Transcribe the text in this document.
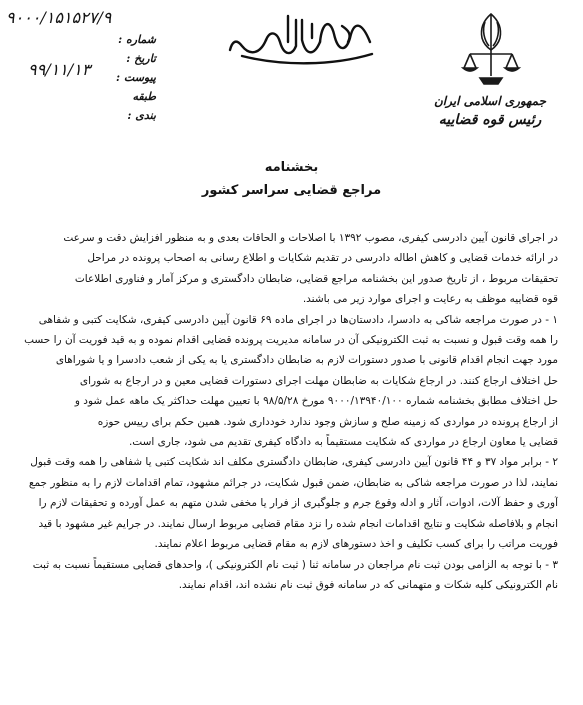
جمهوری اسلامی ایران
رئیس قوه قضاییه
شماره :
تاریخ :
پیوست :
طبقه بندی :
۹۰۰۰/۱۵۱۵۲۷/۹
۹۹/۱۱/۱۳
بخشنامه
مراجع قضایی سراسر کشور
در اجرای قانون آیین دادرسی کیفری، مصوب ۱۳۹۲ با اصلاحات و الحاقات بعدی و به منظور افزایش دقت و سرعت
در ارائه خدمات قضایی و کاهش اطاله دادرسی در تقدیم شکایات و اطلاع رسانی به اصحاب پرونده در مراحل
تحقیقات مربوط ، از تاریخ صدور این بخشنامه مراجع قضایی، ضابطان دادگستری و مرکز آمار و فناوری اطلاعات
قوه قضاییه موظف به رعایت و اجرای موارد زیر می باشند.
۱ - در صورت مراجعه شاکی به دادسرا، دادستان‌ها در اجرای ماده ۶۹ قانون آیین دادرسی کیفری، شکایت کتبی و شفاهی
را همه وقت قبول و نسبت به ثبت الکترونیکی آن در سامانه مدیریت پرونده قضایی اقدام نموده و به قید فوریت آن را حسب
مورد جهت انجام اقدام قانونی با صدور دستورات لازم به ضابطان دادگستری یا به یکی از شعب دادسرا و یا شوراهای
حل اختلاف ارجاع کنند. در ارجاع شکایات به ضابطان مهلت اجرای دستورات قضایی معین و در ارجاع به شورای
حل اختلاف مطابق بخشنامه شماره ۹۰۰۰/۱۳۹۴۰/۱۰۰ مورخ ۹۸/۵/۲۸ با تعیین مهلت حداکثر یک ماهه عمل شود و
از ارجاع پرونده در مواردی که زمینه صلح و سازش وجود ندارد خودداری شود. همین حکم برای رییس حوزه
قضایی یا معاون ارجاع در مواردی که شکایت مستقیماً به دادگاه کیفری تقدیم می شود، جاری است.
۲ - برابر مواد ۳۷ و ۴۴ قانون آیین دادرسی کیفری، ضابطان دادگستری مکلف اند شکایت کتبی یا شفاهی را همه وقت قبول
نمایند، لذا در صورت مراجعه شاکی به ضابطان، ضمن قبول شکایت، در جرائم مشهود، تمام اقدامات لازم را به منظور جمع
آوری و حفظ آلات، ادوات، آثار و ادله وقوع جرم و جلوگیری از فرار یا مخفی شدن متهم به عمل آورده و تحقیقات لازم را
انجام و بلافاصله شکایت و نتایج اقدامات انجام شده را نزد مقام قضایی مربوط ارسال نمایند. در جرایم غیر مشهود با قید
فوریت مراتب را برای کسب تکلیف و اخذ دستورهای لازم به مقام قضایی مربوط اعلام نمایند.
۳ - با توجه به الزامی بودن ثبت نام مراجعان در سامانه ثنا ( ثبت نام الکترونیکی )، واحدهای قضایی مستقیماً نسبت به ثبت
نام الکترونیکی کلیه شکات و متهمانی که در سامانه فوق ثبت نام نشده اند، اقدام نمایند.
